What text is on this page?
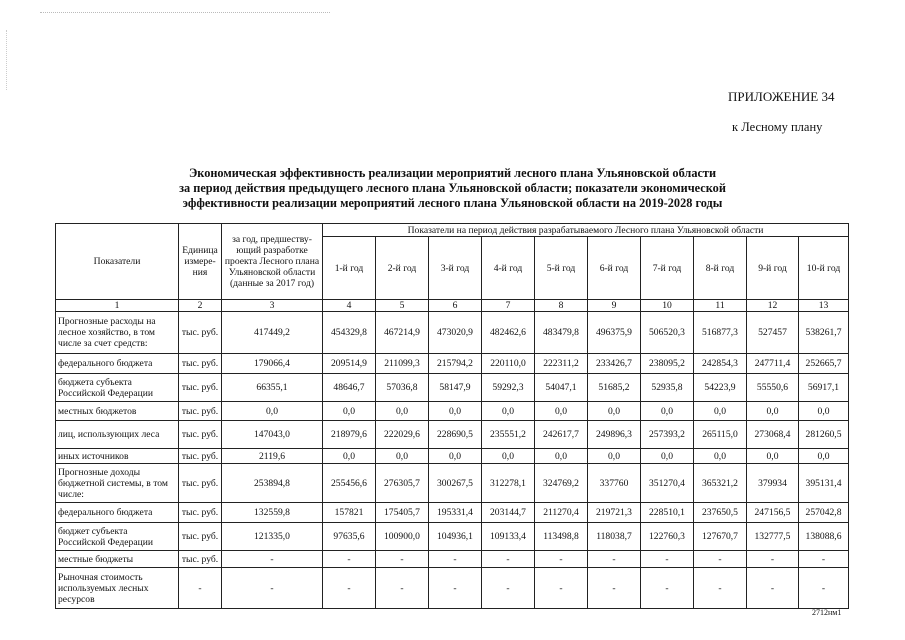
ПРИЛОЖЕНИЕ 34
к Лесному плану
Экономическая эффективность реализации мероприятий лесного плана Ульяновской области
за период действия предыдущего лесного плана Ульяновской области; показатели экономической
эффективности реализации мероприятий лесного плана Ульяновской области на 2019-2028 годы
Показатели	Единица измере-ния	за год, предшеству-ющий разработке проекта Лесного плана Ульяновской области (данные за 2017 год)	Показатели на период действия разрабатываемого Лесного плана Ульяновской области									
			1-й год	2-й год	3-й год	4-й год	5-й год	6-й год	7-й год	8-й год	9-й год	10-й год
1	2	3	4	5	6	7	8	9	10	11	12	13
Прогнозные расходы на лесное хозяйство, в том числе за счет средств:	тыс. руб.	417449,2	454329,8	467214,9	473020,9	482462,6	483479,8	496375,9	506520,3	516877,3	527457	538261,7
федерального бюджета	тыс. руб.	179066,4	209514,9	211099,3	215794,2	220110,0	222311,2	233426,7	238095,2	242854,3	247711,4	252665,7
бюджета субъекта Российской Федерации	тыс. руб.	66355,1	48646,7	57036,8	58147,9	59292,3	54047,1	51685,2	52935,8	54223,9	55550,6	56917,1
местных бюджетов	тыс. руб.	0,0	0,0	0,0	0,0	0,0	0,0	0,0	0,0	0,0	0,0	0,0
лиц, использующих леса	тыс. руб.	147043,0	218979,6	222029,6	228690,5	235551,2	242617,7	249896,3	257393,2	265115,0	273068,4	281260,5
иных источников	тыс. руб.	2119,6	0,0	0,0	0,0	0,0	0,0	0,0	0,0	0,0	0,0	0,0
Прогнозные доходы бюджетной системы, в том числе:	тыс. руб.	253894,8	255456,6	276305,7	300267,5	312278,1	324769,2	337760	351270,4	365321,2	379934	395131,4
федерального бюджета	тыс. руб.	132559,8	157821	175405,7	195331,4	203144,7	211270,4	219721,3	228510,1	237650,5	247156,5	257042,8
бюджет субъекта Российской Федерации	тыс. руб.	121335,0	97635,6	100900,0	104936,1	109133,4	113498,8	118038,7	122760,3	127670,7	132777,5	138088,6
местные бюджеты	тыс. руб.	-	-	-	-	-	-	-	-	-	-	-
Рыночная стоимость используемых лесных ресурсов	-	-	-	-	-	-	-	-	-	-	-	-
2712нм1
